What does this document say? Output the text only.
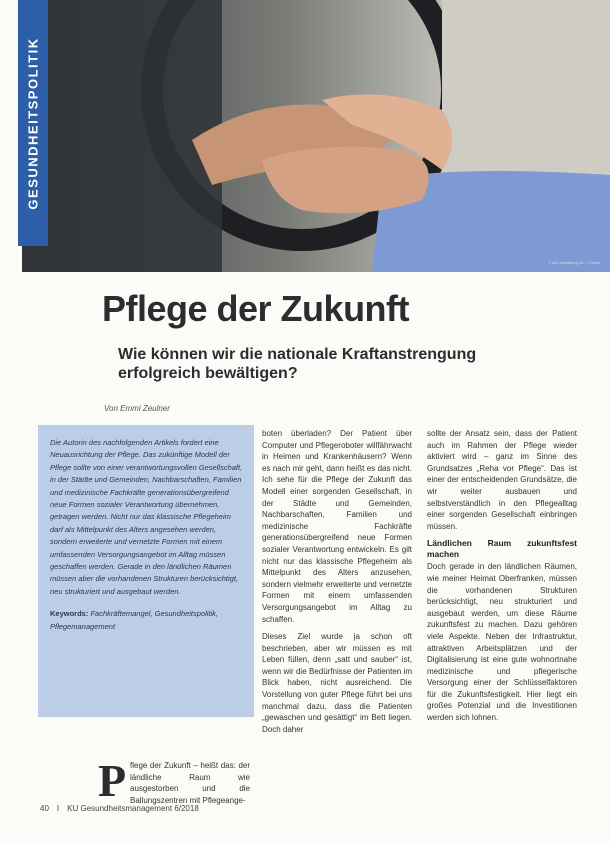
Foto: Hedgehog 94 – Fotolia
GESUNDHEITSPOLITIK
Pflege der Zukunft
Wie können wir die nationale Kraftanstrengung erfolgreich bewältigen?
Von Emmi Zeulner

Die Autorin des nachfolgenden Artikels fordert eine Neuausrichtung der Pflege. Das zukünftige Modell der Pflege sollte von einer verantwortungsvollen Gesellschaft, in der Städte und Gemeinden, Nachbarschaften, Familien und medizinische Fachkräfte generationsübergreifend neue Formen sozialer Verantwortung übernehmen, getragen werden. Nicht nur das klassische Pflegeheim darf als Mittelpunkt des Alters angesehen werden, sondern erweiterte und vernetzte Formen mit einem umfassenden Versorgungsangebot im Alltag müssen geschaffen werden. Gerade in den ländlichen Räumen müssen aber die vorhandenen Strukturen berücksichtigt, neu strukturiert und ausgebaut werden.

Keywords: Fachkräftemangel, Gesundheitspolitik, Pflegemanagement

P flege der Zukunft – heißt das: der ländliche Raum wie ausgestorben und die Ballungszentren mit Pflegeange-

boten überladen? Der Patient über Computer und Pflegeroboter willfährwacht in Heimen und Krankenhäusern? Wenn es nach mir geht, dann heißt es das nicht. Ich sehe für die Pflege der Zukunft das Modell einer sorgenden Gesellschaft, in der Städte und Gemeinden, Nachbarschaften, Familien und medizinische Fachkräfte generationsübergreifend neue Formen sozialer Verantwortung entwickeln. Es gilt nicht nur das klassische Pflegeheim als Mittelpunkt des Alters anzusehen, sondern vielmehr erweiterte und vernetzte Formen mit einem umfassenden Versorgungsangebot im Alltag zu schaffen.

Dieses Ziel wurde ja schon oft beschrieben, aber wir müssen es mit Leben füllen, denn „satt und sauber“ ist, wenn wir die Bedürfnisse der Patienten im Blick haben, nicht ausreichend. Die Vorstellung von guter Pflege führt bei uns manchmal dazu, dass die Patienten „gewaschen und gesättigt“ im Bett liegen. Doch daher

sollte der Ansatz sein, dass der Patient auch im Rahmen der Pflege wieder aktiviert wird – ganz im Sinne des Grundsatzes „Reha vor Pflege“. Das ist einer der entscheidenden Grundsätze, die wir weiter ausbauen und selbstverständlich in den Pflegealltag einer sorgenden Gesellschaft einbringen müssen.

Ländlichen Raum zukunftsfest machen

Doch gerade in den ländlichen Räumen, wie meiner Heimat Oberfranken, müssen die vorhandenen Strukturen berücksichtigt, neu strukturiert und ausgebaut werden, um diese Räume zukunftsfest zu machen. Dazu gehören viele Aspekte. Neben der Infrastruktur, attraktiven Arbeitsplätzen und der Digitalisierung ist eine gute wohnortnahe medizinische und pflegerische Versorgung einer der Schlüsselfaktoren für die Zukunftsfestigkeit. Hier liegt ein großes Potenzial und die Investitionen werden sich lohnen.

40 I KU Gesundheitsmanagement 6/2018
